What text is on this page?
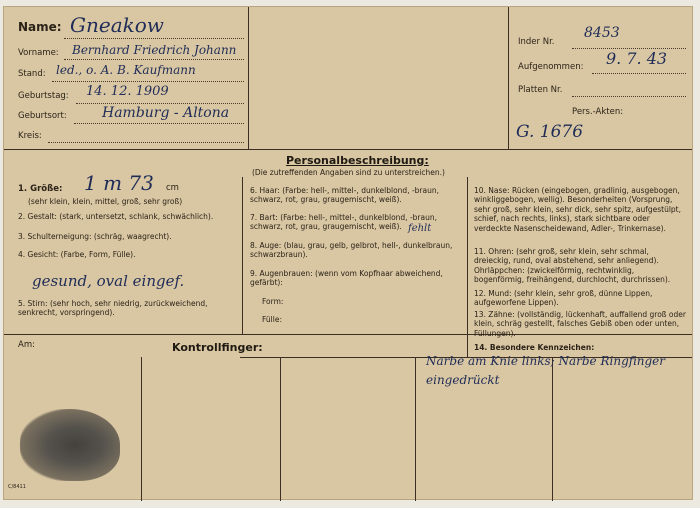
Name: Gneakow
Vorname: Bernhard Friedrich Johann
Stand: led., o. A. B. Kaufmann
Geburtstag: 14. 12. 1909
Geburtsort:	Hamburg - Altona
Kreis:
Inder Nr.
8453
Aufgenommen: 9. 7. 43
Platten Nr.
Pers.-Akten:
G. 1676
Personalbeschreibung:
(Die zutreffenden Angaben sind zu unterstreichen.)
1. Größe: 1 m 73 cm
(sehr klein, klein, mittel, groß, sehr groß)
2. Gestalt: (stark, untersetzt, schlank, schwächlich).
3. Schulterneigung: (schräg, waagrecht).
4. Gesicht: (Farbe, Form, Fülle).
gesund, oval eingef.
5. Stirn: (sehr hoch, sehr niedrig, zurückweichend, senkrecht, vorspringend).
6. Haar: (Farbe: hell-, mittel-, dunkelblond, -braun, schwarz, rot, grau, graugemischt, weiß).
7. Bart: (Farbe: hell-, mittel-, dunkelblond, -braun, schwarz, rot, grau, graugemischt, weiß). fehlt
8. Auge: (blau, grau, gelb, gelbrot, hell-, dunkelbraun, schwarzbraun).
9. Augenbrauen: (wenn vom Kopfhaar abweichend, gefärbt):
Form:
Fülle:
10. Nase: Rücken (eingebogen, gradlinig, ausgebogen, winkliggebogen, wellig). Besonderheiten (Vorsprung, sehr groß, sehr klein, sehr dick, sehr spitz, aufgestülpt, schief, nach rechts, links), stark sichtbare oder verdeckte Nasenscheidewand, Adler-, Trinkernase).
11. Ohren: (sehr groß, sehr klein, sehr schmal, dreieckig, rund, oval abstehend, sehr anliegend). Ohrläppchen: (zwickelförmig, rechtwinklig, bogenförmig, freihängend, durchlocht, durchrissen).
12. Mund: (sehr klein, sehr groß, dünne Lippen, aufgeworfene Lippen).
13. Zähne: (vollständig, lückenhaft, auffallend groß oder klein, schräg gestellt, falsches Gebiß oben oder unten, Füllungen).
14. Besondere Kennzeichen:
Am:	Kontrollfinger:
Narbe am Knie links; Narbe Ringfinger eingedrückt
C/8411
